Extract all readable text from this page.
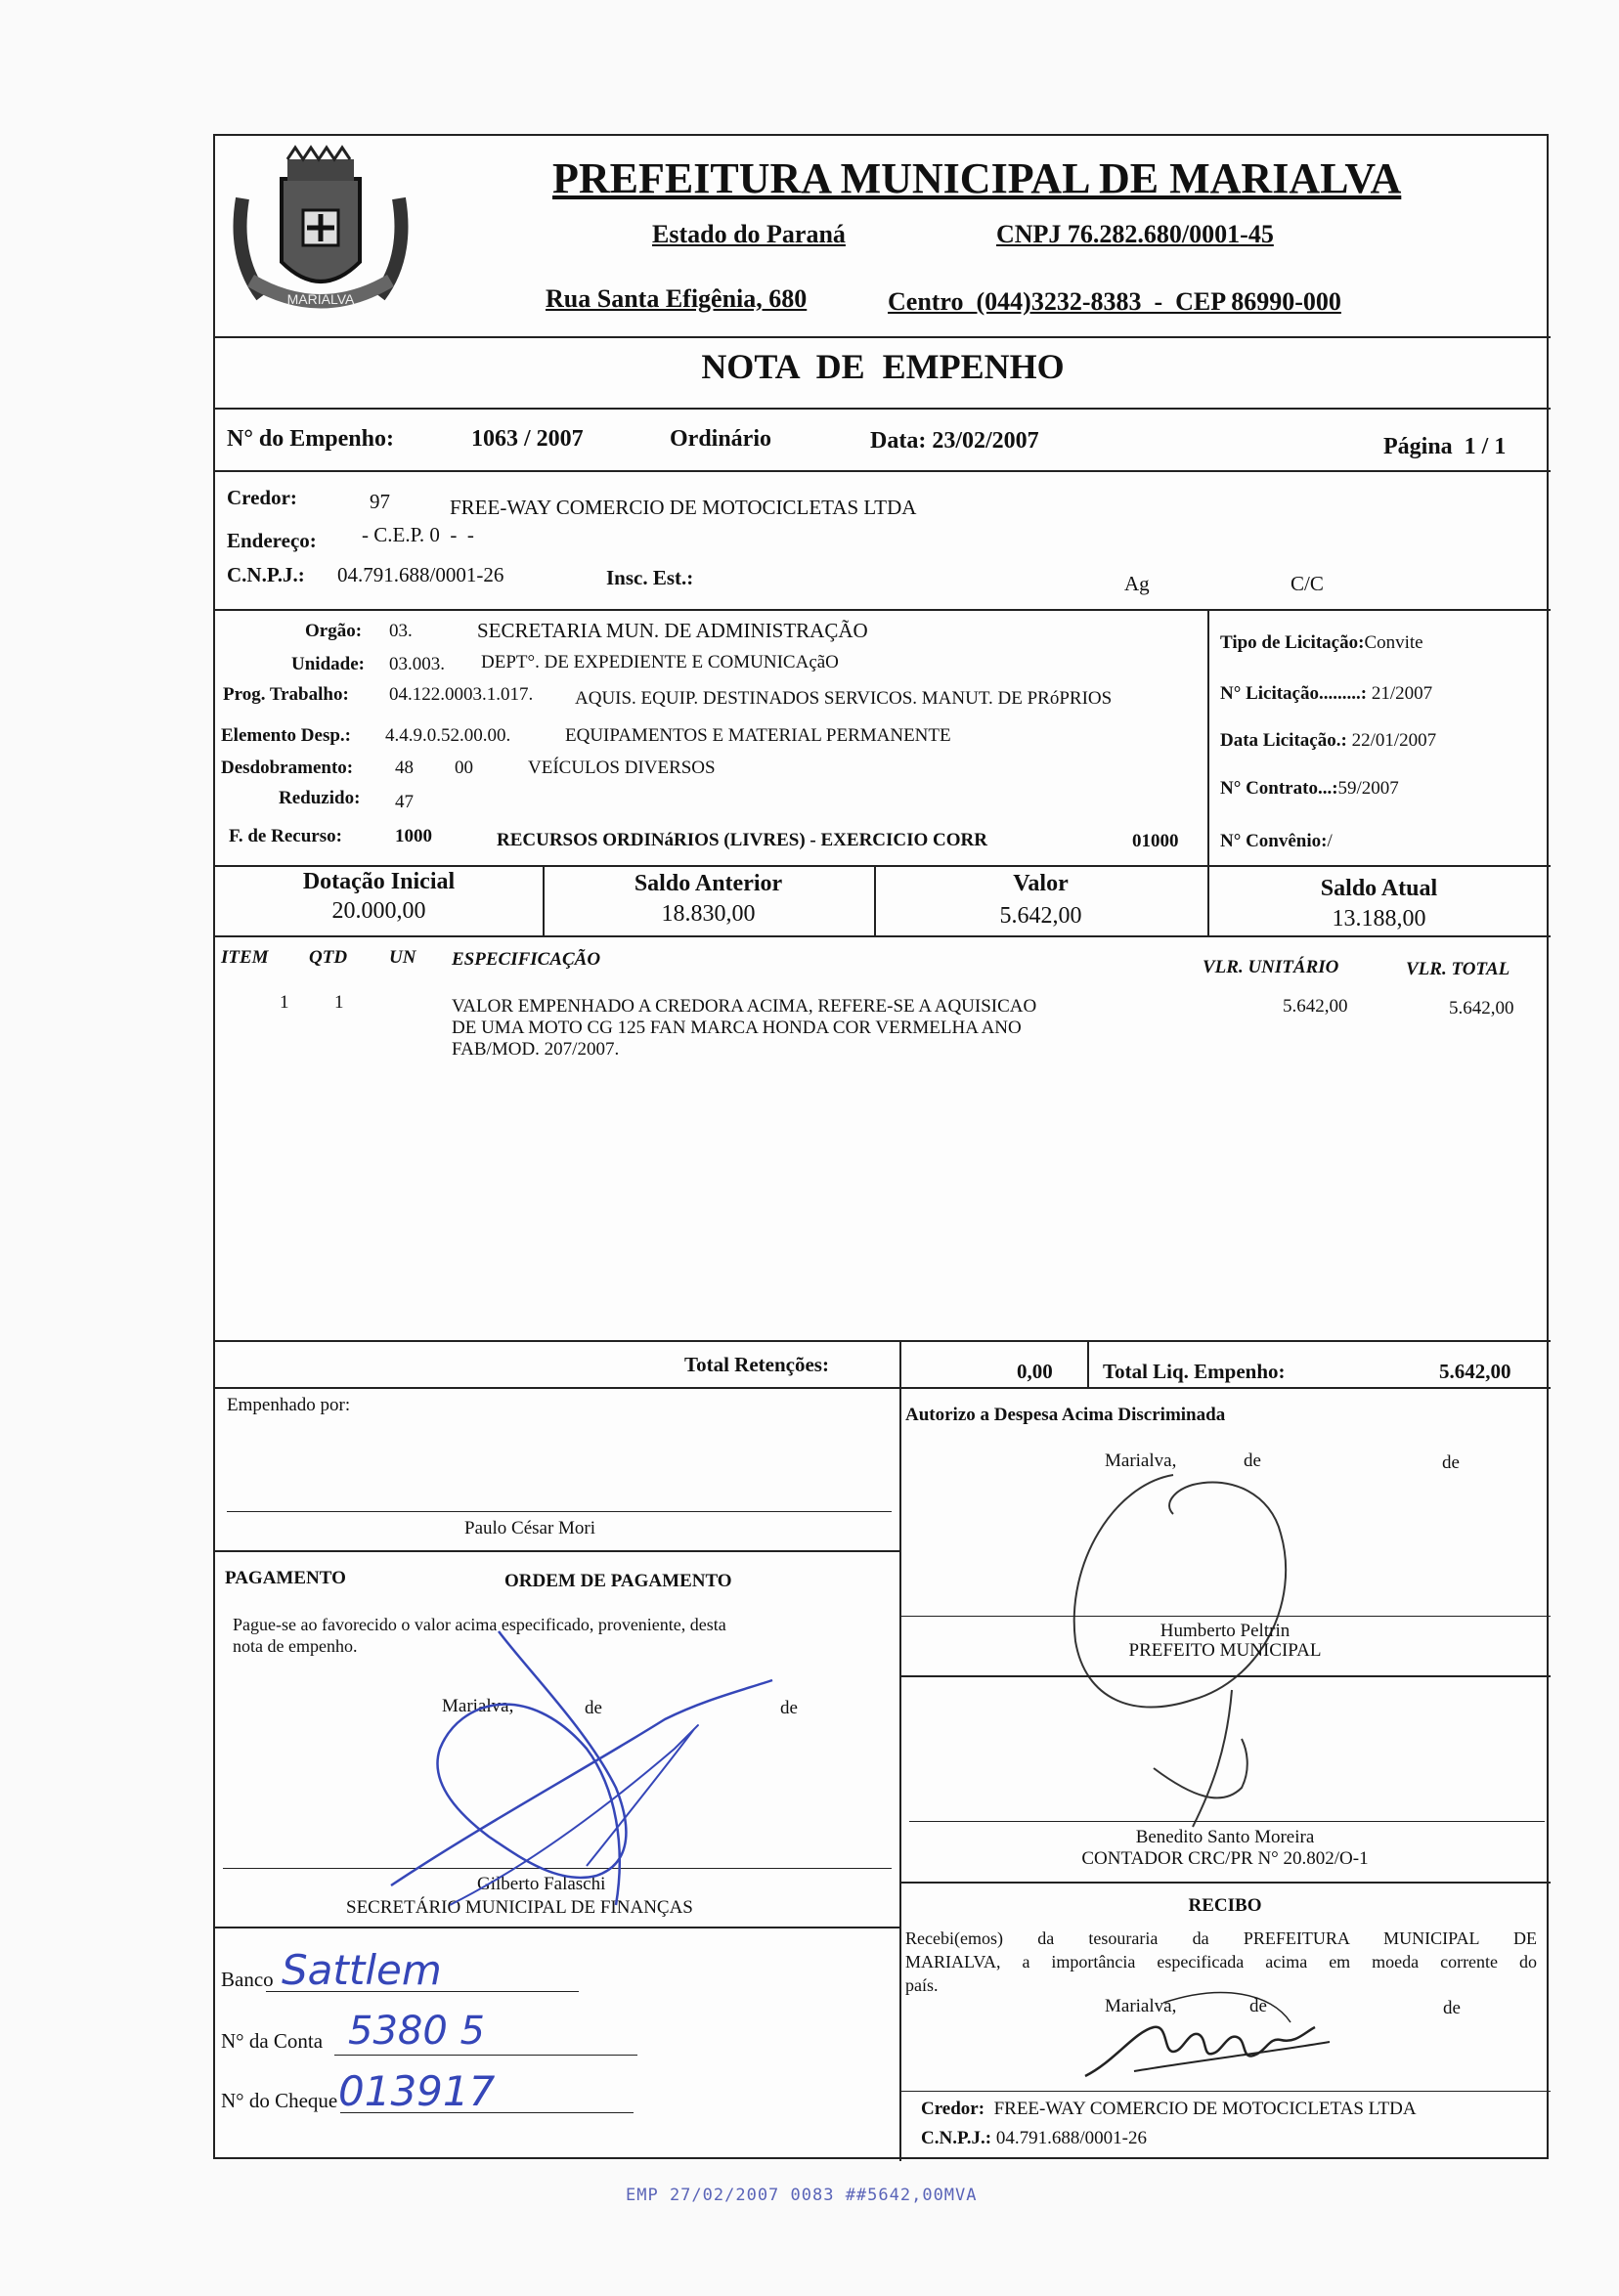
MARIALVA
PREFEITURA MUNICIPAL DE MARIALVA
Estado do Paraná	CNPJ 76.282.680/0001-45
Rua Santa Efigênia, 680	Centro  (044)3232-8383  -  CEP 86990-000
NOTA  DE  EMPENHO
N° do Empenho:	1063 / 2007	Ordinário	Data: 23/02/2007	Página  1 / 1
Credor:	97	FREE-WAY COMERCIO DE MOTOCICLETAS LTDA
Endereço: - C.E.P. 0  -  -
C.N.P.J.: 04.791.688/0001-26	Insc. Est.:	Ag	C/C
Orgão: 03.	SECRETARIA MUN. DE ADMINISTRAÇÃO
Unidade: 03.003. DEPT°. DE EXPEDIENTE E COMUNICAçãO
Prog. Trabalho: 04.122.0003.1.017. AQUIS. EQUIP. DESTINADOS SERVICOS. MANUT. DE PRóPRIOS
Elemento Desp.: 4.4.9.0.52.00.00.	EQUIPAMENTOS E MATERIAL PERMANENTE
Desdobramento: 48 00	VEÍCULOS DIVERSOS
Reduzido: 47
F. de Recurso:	1000	RECURSOS ORDINáRIOS (LIVRES) - EXERCICIO CORR	01000
Tipo de Licitação:Convite
N° Licitação.........: 21/2007
Data Licitação.: 22/01/2007
N° Contrato...:59/2007
N° Convênio:/
Dotação Inicial
20.000,00
Saldo Anterior
18.830,00
Valor
5.642,00
Saldo Atual
13.188,00
ITEM QTD UN ESPECIFICAÇÃO	VLR. UNITÁRIO	VLR. TOTAL
1 1	VALOR EMPENHADO A CREDORA ACIMA, REFERE-SE A AQUISICAO
DE UMA MOTO CG 125 FAN MARCA HONDA COR VERMELHA ANO
FAB/MOD. 207/2007.
5.642,00	5.642,00
Total Retenções:	0,00 Total Liq. Empenho:	5.642,00
Empenhado por:
Paulo César Mori
PAGAMENTO	ORDEM DE PAGAMENTO
Pague-se ao favorecido o valor acima especificado, proveniente, desta
nota de empenho.
Marialva,	de	de
Gilberto Falaschi
SECRETÁRIO MUNICIPAL DE FINANÇAS
Banco Sattlem
N° da Conta 5380 5
N° do Cheque 013917
Autorizo a Despesa Acima Discriminada
Marialva,	de	de
Humberto Peltrin
PREFEITO MUNICIPAL
Benedito Santo Moreira
CONTADOR CRC/PR N° 20.802/O-1
RECIBO
Recebi(emos) da tesouraria da PREFEITURA MUNICIPAL DE
MARIALVA, a importância especificada acima em moeda corrente do
país.
Marialva,	de	de
Credor: FREE-WAY COMERCIO DE MOTOCICLETAS LTDA
C.N.P.J.: 04.791.688/0001-26
EMP 27/02/2007 0083 ##5642,00MVA
